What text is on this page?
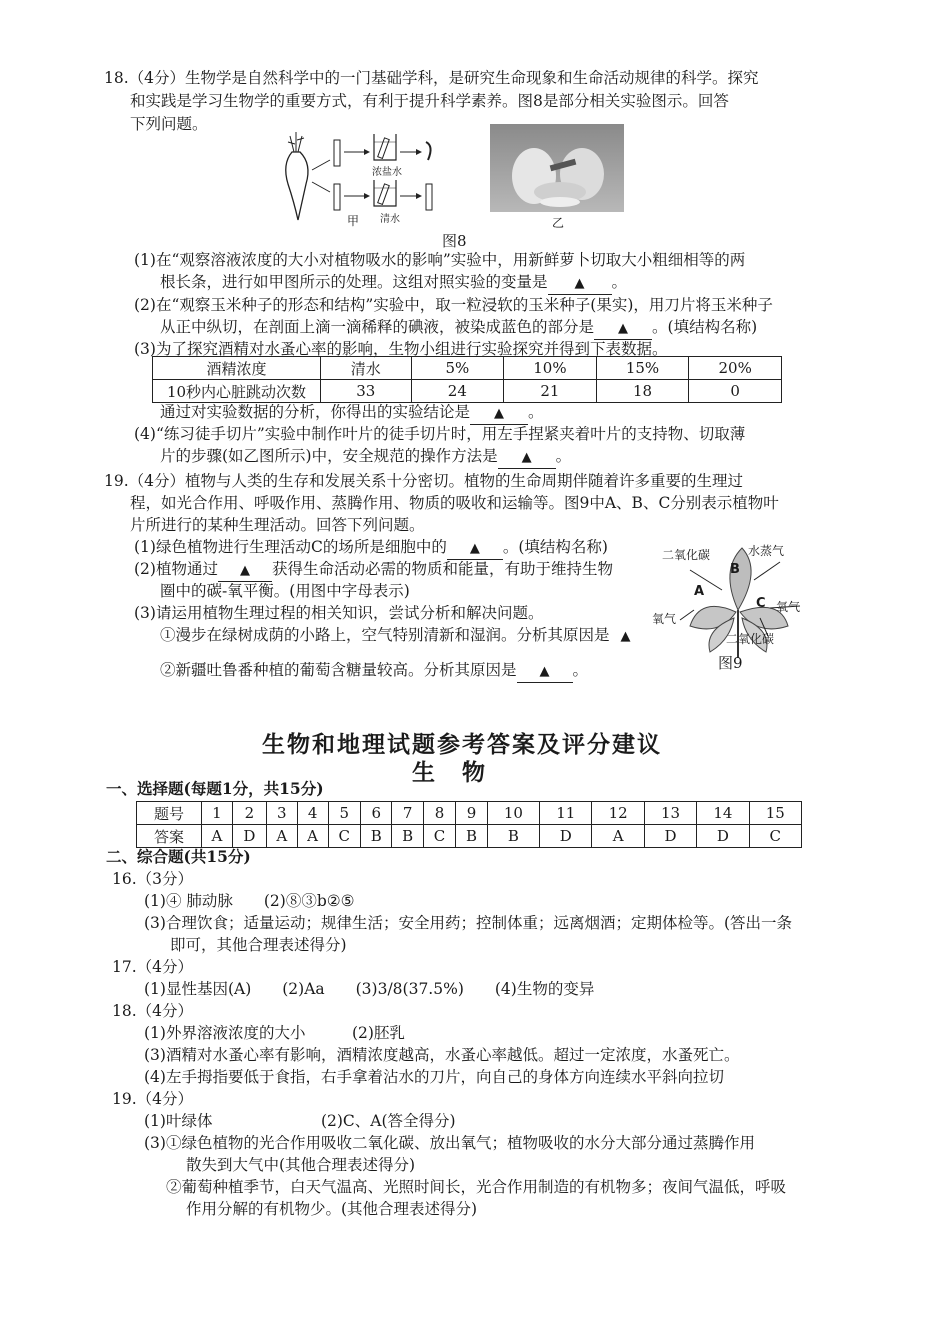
18.（4分）生物学是自然科学中的一门基础学科，是研究生命现象和生命活动规律的科学。探究
和实践是学习生物学的重要方式，有利于提升科学素养。图8是部分相关实验图示。回答
下列问题。
浓盐水
清水
甲	乙
图8
(1)在“观察溶液浓度的大小对植物吸水的影响”实验中，用新鲜萝卜切取大小粗细相等的两
根长条，进行如甲图所示的处理。这组对照实验的变量是 ▲ 。
(2)在“观察玉米种子的形态和结构”实验中，取一粒浸软的玉米种子(果实)，用刀片将玉米种子
从正中纵切，在剖面上滴一滴稀释的碘液，被染成蓝色的部分是 ▲ 。(填结构名称)
(3)为了探究酒精对水蚤心率的影响，生物小组进行实验探究并得到下表数据。
酒精浓度	清水	5%	10%	15%	20%
10秒内心脏跳动次数	33	24	21	18	0
通过对实验数据的分析，你得出的实验结论是 ▲ 。
(4)“练习徒手切片”实验中制作叶片的徒手切片时，用左手捏紧夹着叶片的支持物、切取薄
片的步骤(如乙图所示)中，安全规范的操作方法是 ▲ 。
19.（4分）植物与人类的生存和发展关系十分密切。植物的生命周期伴随着许多重要的生理过
程，如光合作用、呼吸作用、蒸腾作用、物质的吸收和运输等。图9中A、B、C分别表示植物叶
片所进行的某种生理活动。回答下列问题。
(1)绿色植物进行生理活动C的场所是细胞中的 ▲ 。(填结构名称)
(2)植物通过 ▲ 获得生命活动必需的物质和能量，有助于维持生物
圈中的碳-氧平衡。(用图中字母表示)
(3)请运用植物生理过程的相关知识，尝试分析和解决问题。
①漫步在绿树成荫的小路上，空气特别清新和湿润。分析其原因是 ▲
②新疆吐鲁番种植的葡萄含糖量较高。分析其原因是 ▲ 。
二氧化碳	水蒸气
氧气
氧气
二氧化碳
A
B
C
图9
生物和地理试题参考答案及评分建议
生　物
一、选择题(每题1分，共15分)
题号	1	2	3	4	5	6	7	8	9	10	11	12	13	14	15
答案	A	D	A	A	C	B	B	C	B	B	D	A	D	D	C
二、综合题(共15分)
16.（3分）
(1)④ 肺动脉　　(2)⑧③b②⑤
(3)合理饮食；适量运动；规律生活；安全用药；控制体重；远离烟酒；定期体检等。(答出一条
即可，其他合理表述得分)
17.（4分）
(1)显性基因(A)　　(2)Aa　　(3)3/8(37.5%)　　(4)生物的变异
18.（4分）
(1)外界溶液浓度的大小　　　(2)胚乳
(3)酒精对水蚤心率有影响，酒精浓度越高，水蚤心率越低。超过一定浓度，水蚤死亡。
(4)左手拇指要低于食指，右手拿着沾水的刀片，向自己的身体方向连续水平斜向拉切
19.（4分）
(1)叶绿体　　　　　　　(2)C、A(答全得分)
(3)①绿色植物的光合作用吸收二氧化碳、放出氧气；植物吸收的水分大部分通过蒸腾作用
散失到大气中(其他合理表述得分)
②葡萄种植季节，白天气温高、光照时间长，光合作用制造的有机物多；夜间气温低，呼吸
作用分解的有机物少。(其他合理表述得分)
